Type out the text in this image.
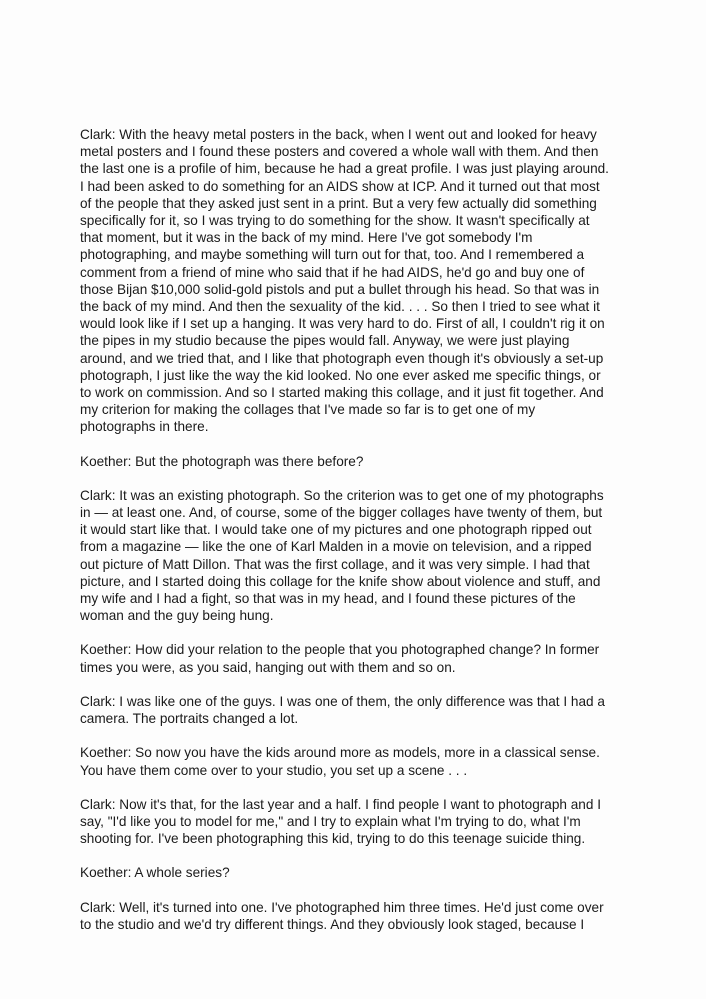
Clark: With the heavy metal posters in the back, when I went out and looked for heavy
metal posters and I found these posters and covered a whole wall with them. And then
the last one is a profile of him, because he had a great profile. I was just playing around.
I had been asked to do something for an AIDS show at ICP. And it turned out that most
of the people that they asked just sent in a print. But a very few actually did something
specifically for it, so I was trying to do something for the show. It wasn't specifically at
that moment, but it was in the back of my mind. Here I've got somebody I'm
photographing, and maybe something will turn out for that, too. And I remembered a
comment from a friend of mine who said that if he had AIDS, he'd go and buy one of
those Bijan $10,000 solid-gold pistols and put a bullet through his head. So that was in
the back of my mind. And then the sexuality of the kid. . . . So then I tried to see what it
would look like if I set up a hanging. It was very hard to do. First of all, I couldn't rig it on
the pipes in my studio because the pipes would fall. Anyway, we were just playing
around, and we tried that, and I like that photograph even though it's obviously a set-up
photograph, I just like the way the kid looked. No one ever asked me specific things, or
to work on commission. And so I started making this collage, and it just fit together. And
my criterion for making the collages that I've made so far is to get one of my
photographs in there.
Koether: But the photograph was there before?
Clark: It was an existing photograph. So the criterion was to get one of my photographs
in — at least one. And, of course, some of the bigger collages have twenty of them, but
it would start like that. I would take one of my pictures and one photograph ripped out
from a magazine — like the one of Karl Malden in a movie on television, and a ripped
out picture of Matt Dillon. That was the first collage, and it was very simple. I had that
picture, and I started doing this collage for the knife show about violence and stuff, and
my wife and I had a fight, so that was in my head, and I found these pictures of the
woman and the guy being hung.
Koether: How did your relation to the people that you photographed change? In former
times you were, as you said, hanging out with them and so on.
Clark: I was like one of the guys. I was one of them, the only difference was that I had a
camera. The portraits changed a lot.
Koether: So now you have the kids around more as models, more in a classical sense.
You have them come over to your studio, you set up a scene . . .
Clark: Now it's that, for the last year and a half. I find people I want to photograph and I
say, "I'd like you to model for me," and I try to explain what I'm trying to do, what I'm
shooting for. I've been photographing this kid, trying to do this teenage suicide thing.
Koether: A whole series?
Clark: Well, it's turned into one. I've photographed him three times. He'd just come over
to the studio and we'd try different things. And they obviously look staged, because I
